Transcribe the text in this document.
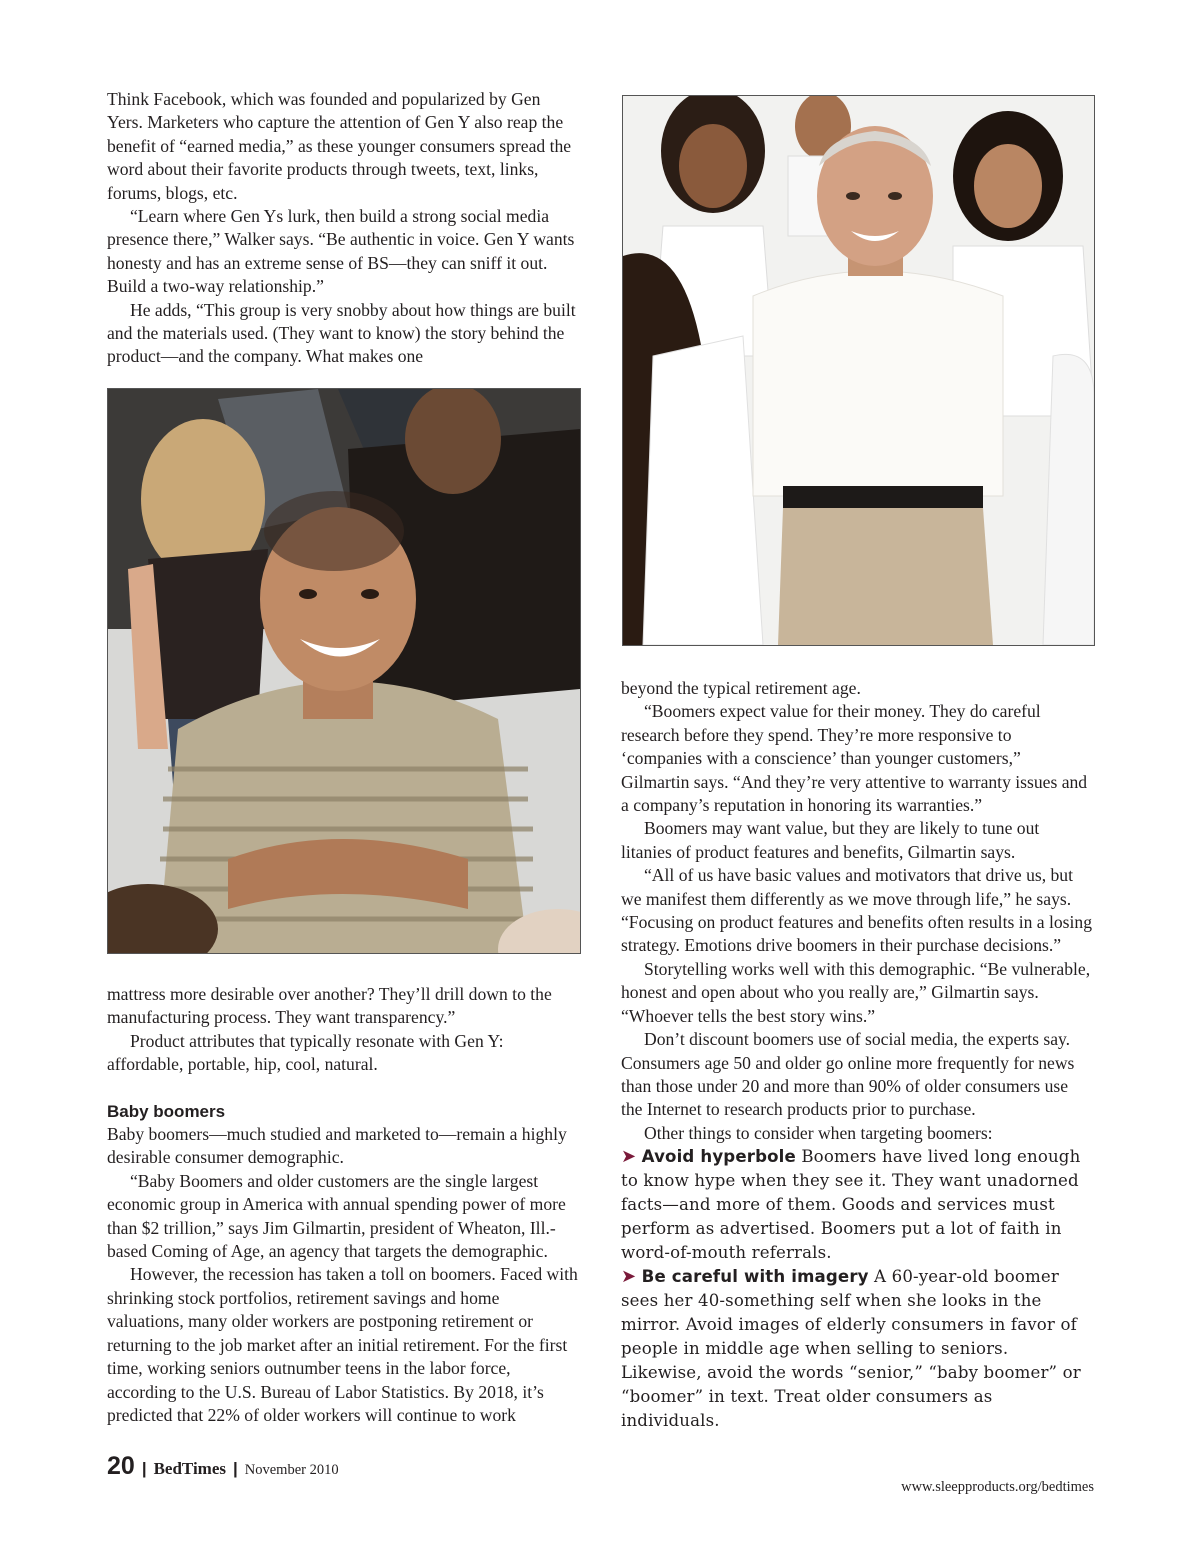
Think Facebook, which was founded and popularized by Gen Yers. Marketers who capture the attention of Gen Y also reap the benefit of “earned media,” as these younger consumers spread the word about their favorite products through tweets, text, links, forums, blogs, etc.

“Learn where Gen Ys lurk, then build a strong social media presence there,” Walker says. “Be authentic in voice. Gen Y wants honesty and has an extreme sense of BS—they can sniff it out. Build a two-way relationship.”

He adds, “This group is very snobby about how things are built and the materials used. (They want to know) the story behind the product—and the company. What makes one

mattress more desirable over another? They’ll drill down to the manufacturing process. They want transparency.”

Product attributes that typically resonate with Gen Y: affordable, portable, hip, cool, natural.

Baby boomers

Baby boomers—much studied and marketed to—remain a highly desirable consumer demographic.

“Baby Boomers and older customers are the single largest economic group in America with annual spending power of more than $2 trillion,” says Jim Gilmartin, president of Wheaton, Ill.-based Coming of Age, an agency that targets the demographic.

However, the recession has taken a toll on boomers. Faced with shrinking stock portfolios, retirement savings and home valuations, many older workers are postponing retirement or returning to the job market after an initial retirement. For the first time, working seniors outnumber teens in the labor force, according to the U.S. Bureau of Labor Statistics. By 2018, it’s predicted that 22% of older workers will continue to work

beyond the typical retirement age.

“Boomers expect value for their money. They do careful research before they spend. They’re more responsive to ‘companies with a conscience’ than younger customers,” Gilmartin says. “And they’re very attentive to warranty issues and a company’s reputation in honoring its warranties.”

Boomers may want value, but they are likely to tune out litanies of product features and benefits, Gilmartin says.

“All of us have basic values and motivators that drive us, but we manifest them differently as we move through life,” he says. “Focusing on product features and benefits often results in a losing strategy. Emotions drive boomers in their purchase decisions.”

Storytelling works well with this demographic. “Be vulnerable, honest and open about who you really are,” Gilmartin says. “Whoever tells the best story wins.”

Don’t discount boomers use of social media, the experts say. Consumers age 50 and older go online more frequently for news than those under 20 and more than 90% of older consumers use the Internet to research products prior to purchase.

Other things to consider when targeting boomers:

➤ Avoid hyperbole Boomers have lived long enough to know hype when they see it. They want unadorned facts—and more of them. Goods and services must perform as advertised. Boomers put a lot of faith in word-of-mouth referrals.

➤ Be careful with imagery A 60-year-old boomer sees her 40-something self when she looks in the mirror. Avoid images of elderly consumers in favor of people in middle age when selling to seniors. Likewise, avoid the words “senior,” “baby boomer” or “boomer” in text. Treat older consumers as individuals.

20 | BedTimes | November 2010
www.sleepproducts.org/bedtimes
